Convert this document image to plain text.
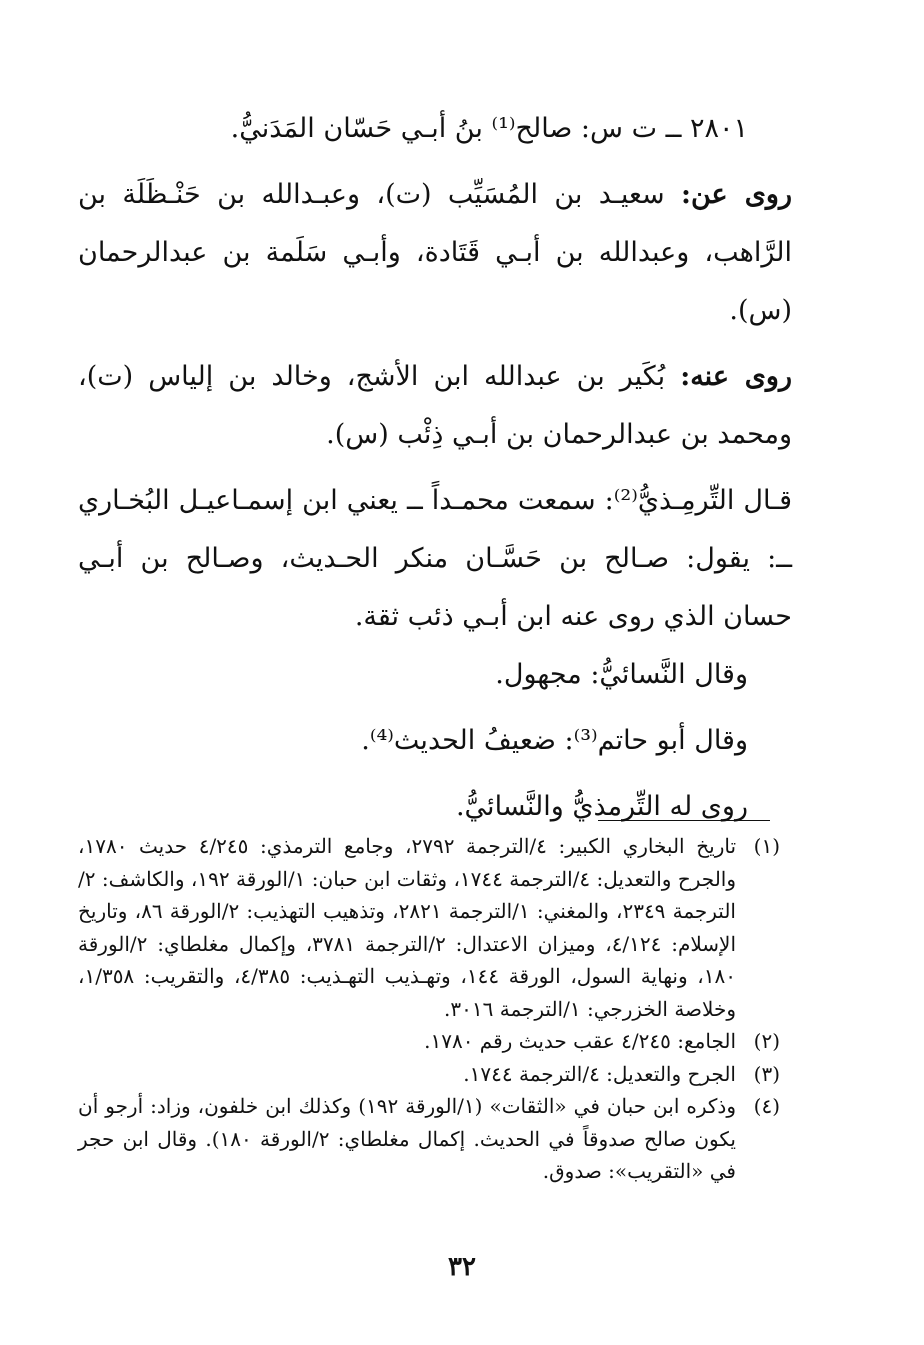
٢٨٠١ ــ ت س: صالح⁽¹⁾ بنُ أبـي حَسّان المَدَنيُّ.

روى عن: سعيـد بن المُسَيِّب (ت)، وعبـدالله بن حَنْـظَلَة بن الرَّاهب، وعبدالله بن أبـي قَتَادة، وأبـي سَلَمة بن عبدالرحمان (س).

روى عنه: بُكَير بن عبدالله ابن الأشج، وخالد بن إلياس (ت)، ومحمد بن عبدالرحمان بن أبـي ذِئْب (س).

قـال التِّرمِـذيُّ⁽²⁾: سمعت محمـداً ــ يعني ابن إسمـاعيـل البُخـاري ــ: يقول: صـالح بن حَسَّـان منكر الحـديث، وصـالح بن أبـي حسان الذي روى عنه ابن أبـي ذئب ثقة.

وقال النَّسائيُّ: مجهول.

وقال أبو حاتم⁽³⁾: ضعيفُ الحديث⁽⁴⁾.

روى له التِّرمذيُّ والنَّسائيُّ.

(١)
تاريخ البخاري الكبير: ٤/الترجمة ٢٧٩٢، وجامع الترمذي: ٤/٢٤٥ حديث ١٧٨٠، والجرح والتعديل: ٤/الترجمة ١٧٤٤، وثقات ابن حبان: ١/الورقة ١٩٢، والكاشف: ٢/الترجمة ٢٣٤٩، والمغني: ١/الترجمة ٢٨٢١، وتذهيب التهذيب: ٢/الورقة ٨٦، وتاريخ الإسلام: ٤/١٢٤، وميزان الاعتدال: ٢/الترجمة ٣٧٨١، وإكمال مغلطاي: ٢/الورقة ١٨٠، ونهاية السول، الورقة ١٤٤، وتهـذيب التهـذيب: ٤/٣٨٥، والتقريب: ١/٣٥٨، وخلاصة الخزرجي: ١/الترجمة ٣٠١٦.
(٢)
الجامع: ٤/٢٤٥ عقب حديث رقم ١٧٨٠.
(٣)
الجرح والتعديل: ٤/الترجمة ١٧٤٤.
(٤)
وذكره ابن حبان في «الثقات» (١/الورقة ١٩٢) وكذلك ابن خلفون، وزاد: أرجو أن يكون صالح صدوقاً في الحديث. إكمال مغلطاي: ٢/الورقة ١٨٠). وقال ابن حجر في «التقريب»: صدوق.
٣٢
